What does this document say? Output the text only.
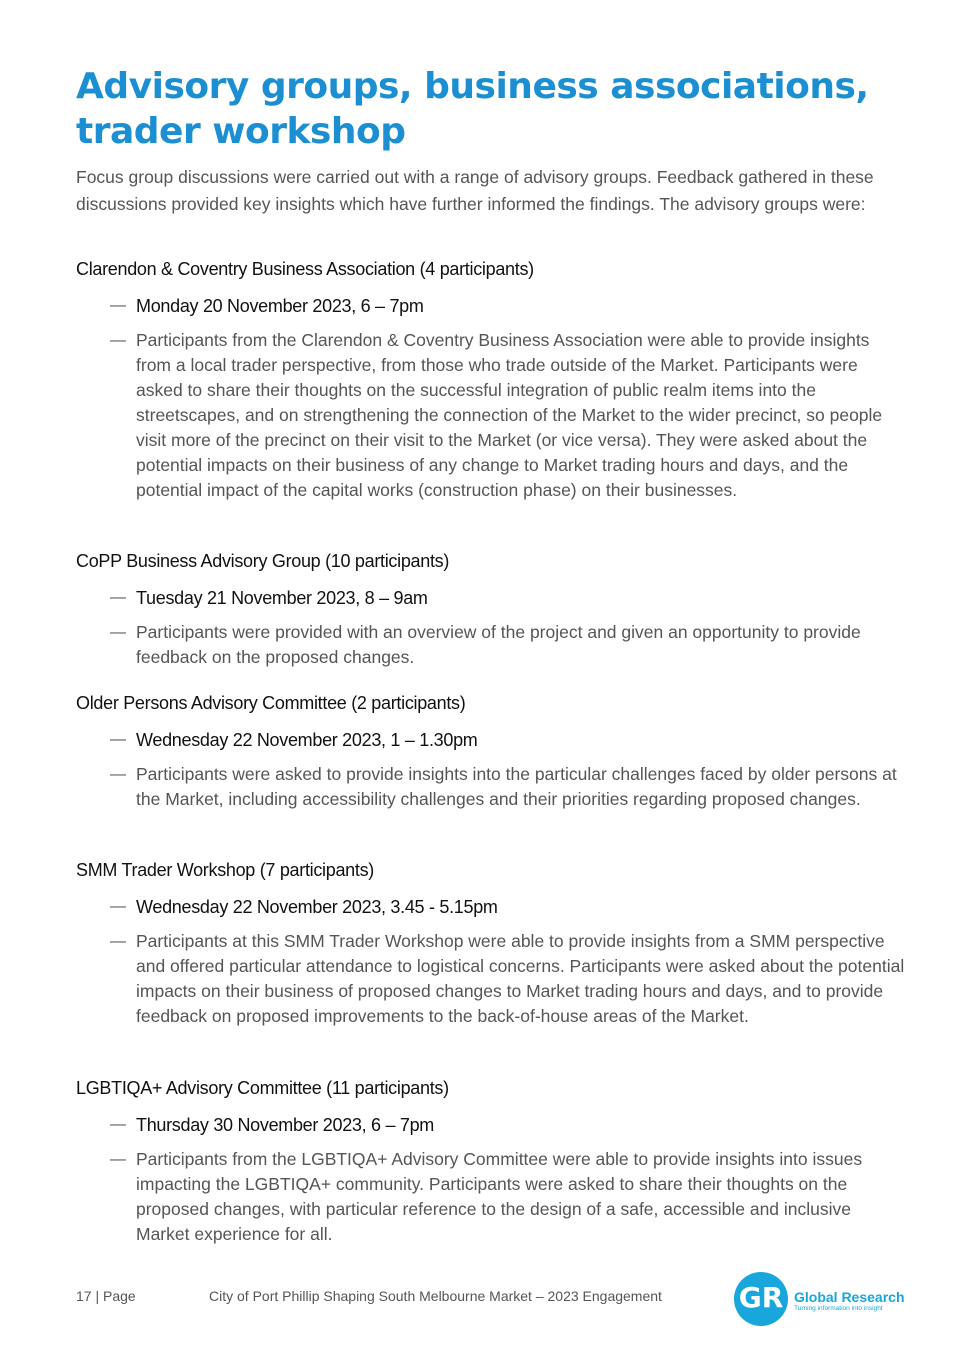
Advisory groups, business associations, trader workshop

Focus group discussions were carried out with a range of advisory groups. Feedback gathered in these discussions provided key insights which have further informed the findings. The advisory groups were:

Clarendon & Coventry Business Association (4 participants)
— Monday 20 November 2023, 6 – 7pm
— Participants from the Clarendon & Coventry Business Association were able to provide insights from a local trader perspective, from those who trade outside of the Market. Participants were asked to share their thoughts on the successful integration of public realm items into the streetscapes, and on strengthening the connection of the Market to the wider precinct, so people visit more of the precinct on their visit to the Market (or vice versa). They were asked about the potential impacts on their business of any change to Market trading hours and days, and the potential impact of the capital works (construction phase) on their businesses.
CoPP Business Advisory Group (10 participants)
— Tuesday 21 November 2023, 8 – 9am
— Participants were provided with an overview of the project and given an opportunity to provide feedback on the proposed changes.
Older Persons Advisory Committee (2 participants)
— Wednesday 22 November 2023, 1 – 1.30pm
— Participants were asked to provide insights into the particular challenges faced by older persons at the Market, including accessibility challenges and their priorities regarding proposed changes.
SMM Trader Workshop (7 participants)
— Wednesday 22 November 2023, 3.45 - 5.15pm
— Participants at this SMM Trader Workshop were able to provide insights from a SMM perspective and offered particular attendance to logistical concerns. Participants were asked about the potential impacts on their business of proposed changes to Market trading hours and days, and to provide feedback on proposed improvements to the back-of-house areas of the Market.
LGBTIQA+ Advisory Committee (11 participants)
— Thursday 30 November 2023, 6 – 7pm
— Participants from the LGBTIQA+ Advisory Committee were able to provide insights into issues impacting the LGBTIQA+ community. Participants were asked to share their thoughts on the proposed changes, with particular reference to the design of a safe, accessible and inclusive Market experience for all.
17 | Page	City of Port Phillip Shaping South Melbourne Market – 2023 Engagement	GR Global Research
Turning information into insight
